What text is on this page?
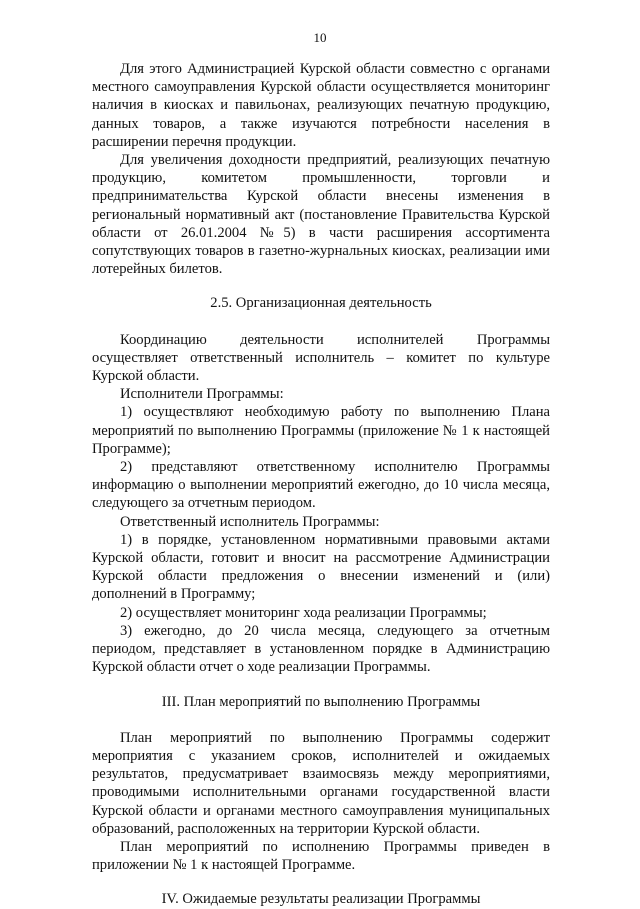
10

Для этого Администрацией Курской области совместно с органами местного самоуправления Курской области осуществляется мониторинг наличия в киосках и павильонах, реализующих печатную продукцию, данных товаров, а также изучаются потребности населения в расширении перечня продукции.

Для увеличения доходности предприятий, реализующих печатную продукцию, комитетом промышленности, торговли и предпринимательства Курской области внесены изменения в региональный нормативный акт (постановление Правительства Курской области от 26.01.2004 №5) в части расширения ассортимента сопутствующих товаров в газетно-журнальных киосках, реализации ими лотерейных билетов.

2.5. Организационная деятельность

Координацию деятельности исполнителей Программы осуществляет ответственный исполнитель – комитет по культуре Курской области.

Исполнители Программы:

1) осуществляют необходимую работу по выполнению Плана мероприятий по выполнению Программы (приложение № 1 к настоящей Программе);

2) представляют ответственному исполнителю Программы информацию о выполнении мероприятий ежегодно, до 10 числа месяца, следующего за отчетным периодом.

Ответственный исполнитель Программы:

1) в порядке, установленном нормативными правовыми актами Курской области, готовит и вносит на рассмотрение Администрации Курской области предложения о внесении изменений и (или) дополнений в Программу;

2) осуществляет мониторинг хода реализации Программы;

3) ежегодно, до 20 числа месяца, следующего за отчетным периодом, представляет в установленном порядке в Администрацию Курской области отчет о ходе реализации Программы.

III. План мероприятий по выполнению Программы

План мероприятий по выполнению Программы содержит мероприятия с указанием сроков, исполнителей и ожидаемых результатов, предусматривает взаимосвязь между мероприятиями, проводимыми исполнительными органами государственной власти Курской области и органами местного самоуправления муниципальных образований, расположенных на территории Курской области.

План мероприятий по исполнению Программы приведен в приложении № 1 к настоящей Программе.

IV. Ожидаемые результаты реализации Программы
